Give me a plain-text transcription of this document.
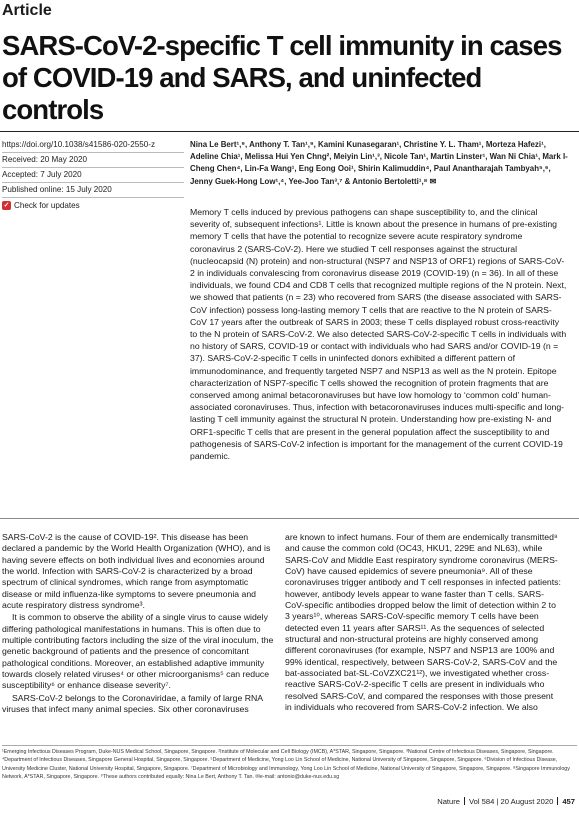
Article
SARS-CoV-2-specific T cell immunity in cases of COVID-19 and SARS, and uninfected controls
https://doi.org/10.1038/s41586-020-2550-z
Received: 20 May 2020
Accepted: 7 July 2020
Published online: 15 July 2020
✓ Check for updates
Nina Le Bert¹,⁹, Anthony T. Tan¹,⁹, Kamini Kunasegaran¹, Christine Y. L. Tham¹, Morteza Hafezi¹, Adeline Chia¹, Melissa Hui Yen Chng², Meiyin Lin¹,³, Nicole Tan¹, Martin Linster¹, Wan Ni Chia¹, Mark I-Cheng Chen⁴, Lin-Fa Wang¹, Eng Eong Ooi¹, Shirin Kalimuddin⁴, Paul Anantharajah Tambyah⁵,⁶, Jenny Guek-Hong Low¹,⁴, Yee-Joo Tan³,⁷ & Antonio Bertoletti¹,⁸ ✉

Memory T cells induced by previous pathogens can shape susceptibility to, and the clinical severity of, subsequent infections¹. Little is known about the presence in humans of pre-existing memory T cells that have the potential to recognize severe acute respiratory syndrome coronavirus 2 (SARS-CoV-2). Here we studied T cell responses against the structural (nucleocapsid (N) protein) and non-structural (NSP7 and NSP13 of ORF1) regions of SARS-CoV-2 in individuals convalescing from coronavirus disease 2019 (COVID-19) (n = 36). In all of these individuals, we found CD4 and CD8 T cells that recognized multiple regions of the N protein. Next, we showed that patients (n = 23) who recovered from SARS (the disease associated with SARS-CoV infection) possess long-lasting memory T cells that are reactive to the N protein of SARS-CoV 17 years after the outbreak of SARS in 2003; these T cells displayed robust cross-reactivity to the N protein of SARS-CoV-2. We also detected SARS-CoV-2-specific T cells in individuals with no history of SARS, COVID-19 or contact with individuals who had SARS and/or COVID-19 (n = 37). SARS-CoV-2-specific T cells in uninfected donors exhibited a different pattern of immunodominance, and frequently targeted NSP7 and NSP13 as well as the N protein. Epitope characterization of NSP7-specific T cells showed the recognition of protein fragments that are conserved among animal betacoronaviruses but have low homology to ‘common cold’ human-associated coronaviruses. Thus, infection with betacoronaviruses induces multi-specific and long-lasting T cell immunity against the structural N protein. Understanding how pre-existing N- and ORF1-specific T cells that are present in the general population affect the susceptibility to and pathogenesis of SARS-CoV-2 infection is important for the management of the current COVID-19 pandemic.

SARS-CoV-2 is the cause of COVID-19². This disease has been declared a pandemic by the World Health Organization (WHO), and is having severe effects on both individual lives and economies around the world. Infection with SARS-CoV-2 is characterized by a broad spectrum of clinical syndromes, which range from asymptomatic disease or mild influenza-like symptoms to severe pneumonia and acute respiratory distress syndrome³.

It is common to observe the ability of a single virus to cause widely differing pathological manifestations in humans. This is often due to multiple contributing factors including the size of the viral inoculum, the genetic background of patients and the presence of concomitant pathological conditions. Moreover, an established adaptive immunity towards closely related viruses⁴ or other microorganisms⁵ can reduce susceptibility⁶ or enhance disease severity⁷.

SARS-CoV-2 belongs to the Coronaviridae, a family of large RNA viruses that infect many animal species. Six other coronaviruses

are known to infect humans. Four of them are endemically transmitted⁸ and cause the common cold (OC43, HKU1, 229E and NL63), while SARS-CoV and Middle East respiratory syndrome coronavirus (MERS-CoV) have caused epidemics of severe pneumonia⁹. All of these coronaviruses trigger antibody and T cell responses in infected patients: however, antibody levels appear to wane faster than T cells. SARS-CoV-specific antibodies dropped below the limit of detection within 2 to 3 years¹⁰, whereas SARS-CoV-specific memory T cells have been detected even 11 years after SARS¹¹. As the sequences of selected structural and non-structural proteins are highly conserved among different coronaviruses (for example, NSP7 and NSP13 are 100% and 99% identical, respectively, between SARS-CoV-2, SARS-CoV and the bat-associated bat-SL-CoVZXC21¹²), we investigated whether cross-reactive SARS-CoV-2-specific T cells are present in individuals who resolved SARS-CoV, and compared the responses with those present in individuals who recovered from SARS-CoV-2 infection. We also

¹Emerging Infectious Diseases Program, Duke-NUS Medical School, Singapore, Singapore. ²Institute of Molecular and Cell Biology (IMCB), A*STAR, Singapore, Singapore. ³National Centre of Infectious Diseases, Singapore, Singapore. ⁴Department of Infectious Diseases, Singapore General Hospital, Singapore, Singapore. ⁵Department of Medicine, Yong Loo Lin School of Medicine, National University of Singapore, Singapore, Singapore. ⁶Division of Infectious Disease, University Medicine Cluster, National University Hospital, Singapore, Singapore. ⁷Department of Microbiology and Immunology, Yong Loo Lin School of Medicine, National University of Singapore, Singapore, Singapore. ⁸Singapore Immunology Network, A*STAR, Singapore, Singapore. ⁹These authors contributed equally: Nina Le Bert, Anthony T. Tan. ✉e-mail: antonio@duke-nus.edu.sg
Nature Vol 584 | 20 August 2020 457
